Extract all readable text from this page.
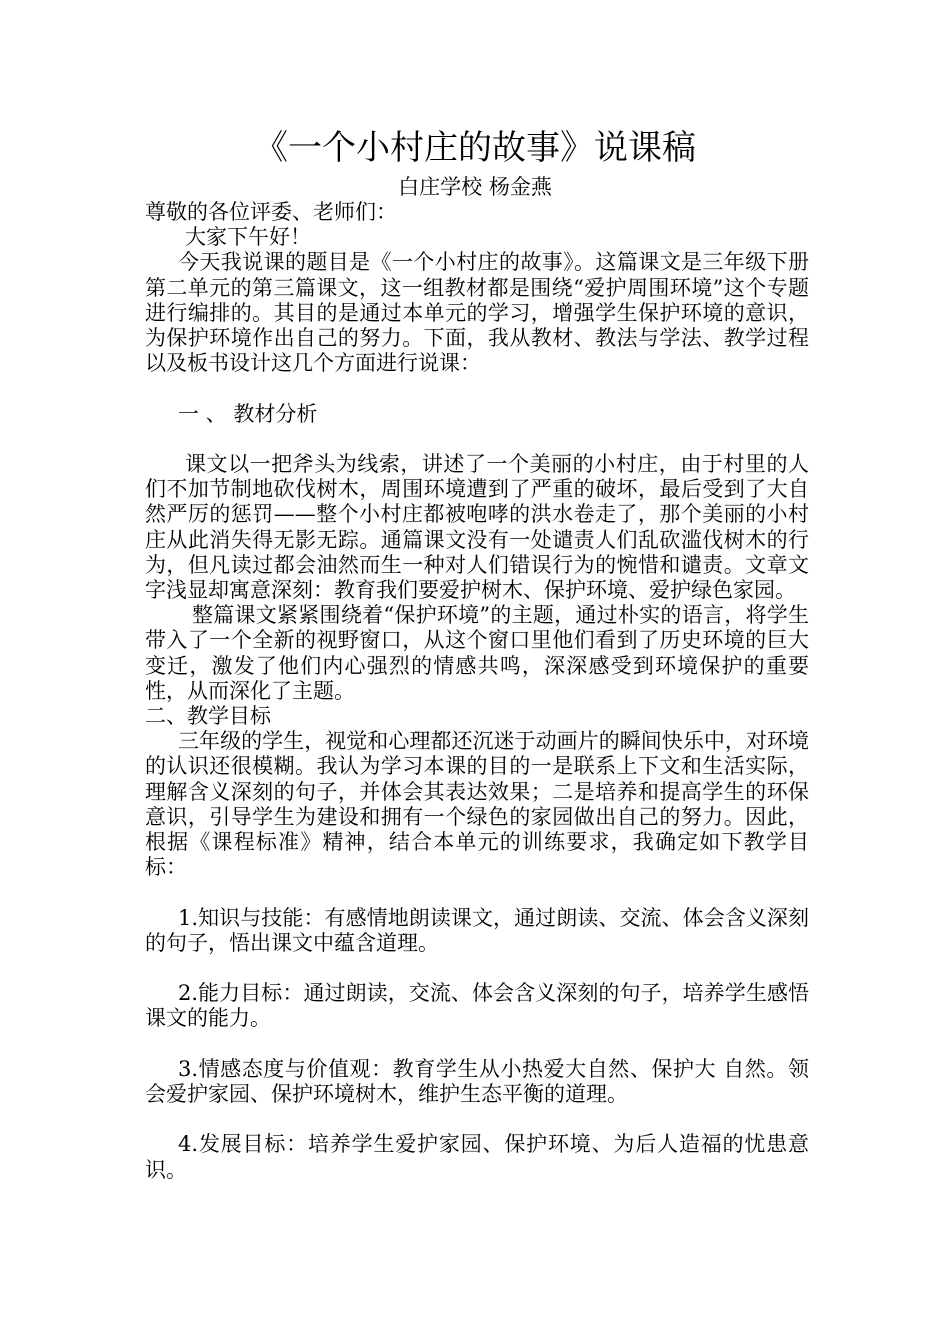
《一个小村庄的故事》说课稿
白庄学校 杨金燕

尊敬的各位评委、老师们：

大家下午好！

今天我说课的题目是《一个小村庄的故事》。这篇课文是三年级下册第二单元的第三篇课文，这一组教材都是围绕“爱护周围环境”这个专题进行编排的。其目的是通过本单元的学习，增强学生保护环境的意识，为保护环境作出自己的努力。下面，我从教材、教法与学法、教学过程以及板书设计这几个方面进行说课：

一 、 教材分析

课文以一把斧头为线索，讲述了一个美丽的小村庄，由于村里的人们不加节制地砍伐树木，周围环境遭到了严重的破坏，最后受到了大自然严厉的惩罚——整个小村庄都被咆哮的洪水卷走了，那个美丽的小村庄从此消失得无影无踪。通篇课文没有一处谴责人们乱砍滥伐树木的行为，但凡读过都会油然而生一种对人们错误行为的惋惜和谴责。文章文字浅显却寓意深刻：教育我们要爱护树木、保护环境、爱护绿色家园。

整篇课文紧紧围绕着“保护环境”的主题，通过朴实的语言，将学生带入了一个全新的视野窗口，从这个窗口里他们看到了历史环境的巨大变迁，激发了他们内心强烈的情感共鸣，深深感受到环境保护的重要性，从而深化了主题。

二、教学目标

三年级的学生，视觉和心理都还沉迷于动画片的瞬间快乐中，对环境的认识还很模糊。我认为学习本课的目的一是联系上下文和生活实际，理解含义深刻的句子，并体会其表达效果；二是培养和提高学生的环保意识，引导学生为建设和拥有一个绿色的家园做出自己的努力。因此，根据《课程标准》精神，结合本单元的训练要求，我确定如下教学目标：

1.知识与技能：有感情地朗读课文，通过朗读、交流、体会含义深刻的句子，悟出课文中蕴含道理。

2.能力目标：通过朗读，交流、体会含义深刻的句子，培养学生感悟课文的能力。

3.情感态度与价值观：教育学生从小热爱大自然、保护大 自然。领会爱护家园、保护环境树木，维护生态平衡的道理。

4.发展目标：培养学生爱护家园、保护环境、为后人造福的忧患意识。
